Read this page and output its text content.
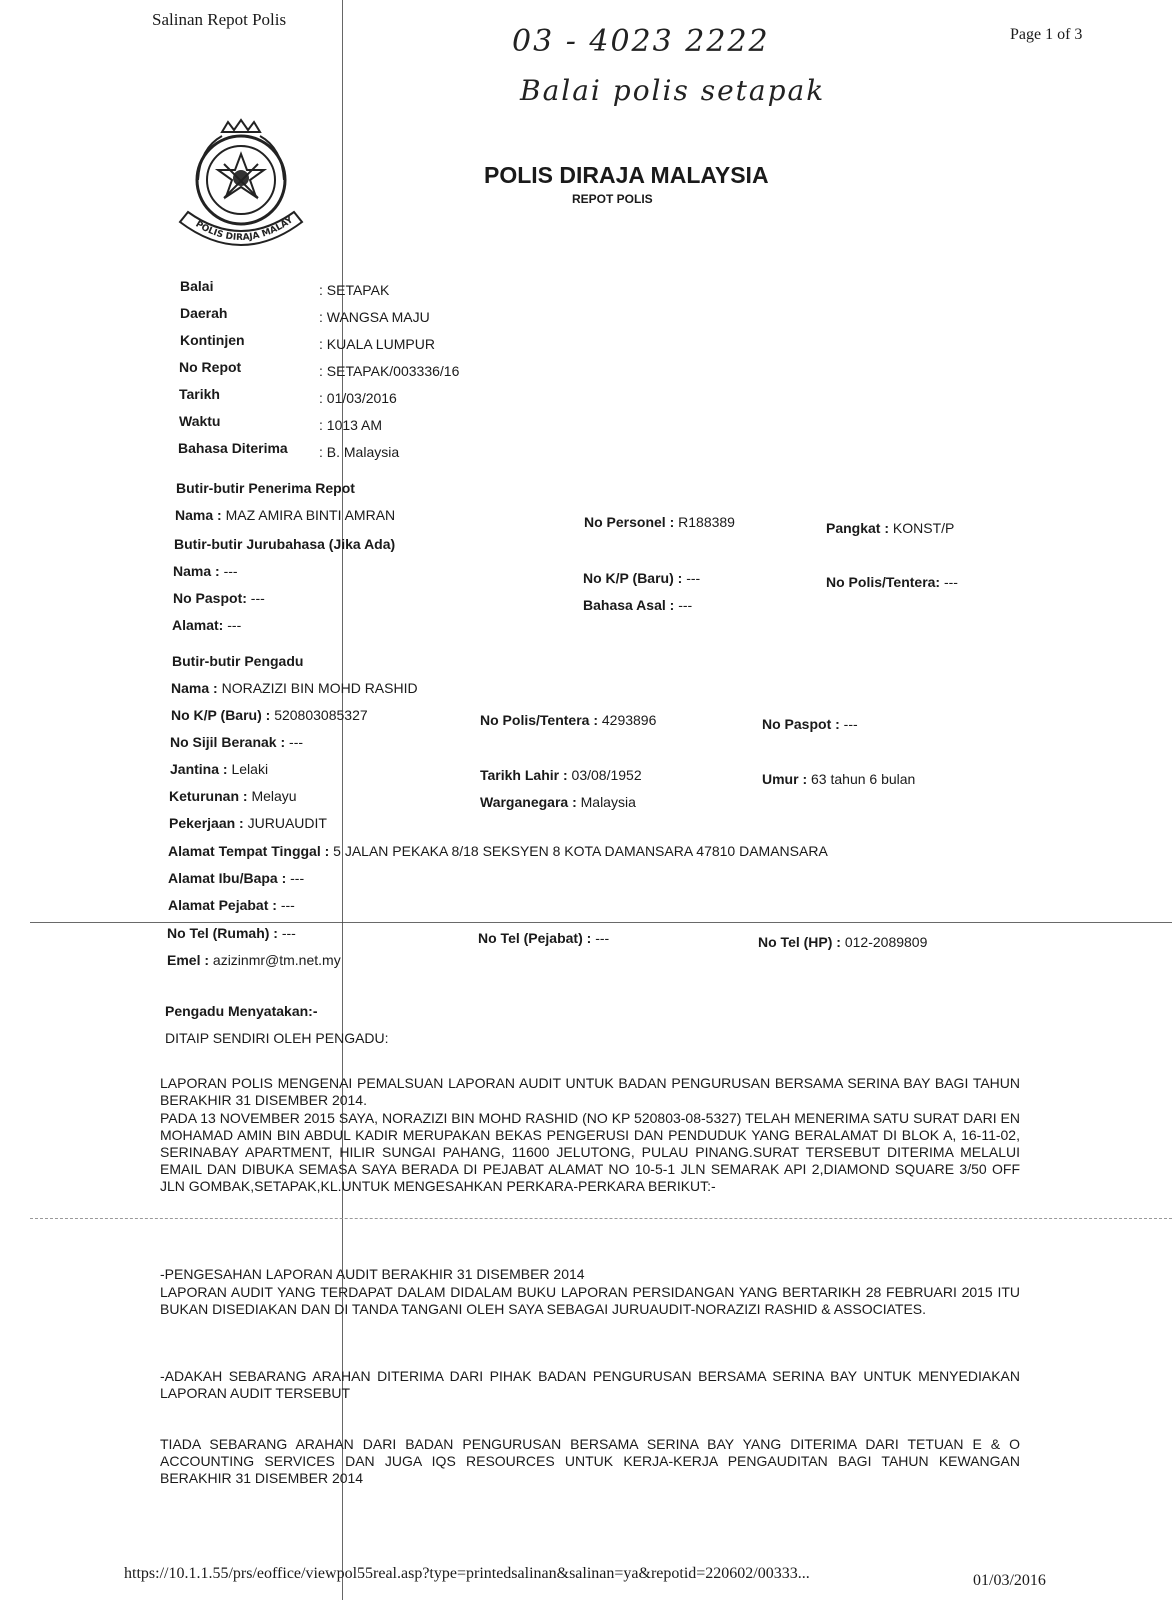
Salinan Repot Polis
Page 1 of 3
03 - 4023 2222
Balai polis setapak
POLIS DIRAJA MALAY
POLIS DIRAJA MALAYSIA
REPOT POLIS
Balai	: SETAPAK
Daerah	: WANGSA MAJU
Kontinjen	: KUALA LUMPUR
No Repot	: SETAPAK/003336/16
Tarikh	: 01/03/2016
Waktu	: 1013 AM
Bahasa Diterima : B. Malaysia
Butir-butir Penerima Repot
Nama : MAZ AMIRA BINTI AMRAN	No Personel : R188389	Pangkat : KONST/P
Butir-butir Jurubahasa (Jika Ada)
Nama : ---	No K/P (Baru) : ---	No Polis/Tentera: ---
No Paspot: ---	Bahasa Asal : ---
Alamat: ---
Butir-butir Pengadu
Nama : NORAZIZI BIN MOHD RASHID
No K/P (Baru) : 520803085327	No Polis/Tentera : 4293896	No Paspot : ---
No Sijil Beranak : ---
Jantina : Lelaki	Tarikh Lahir : 03/08/1952	Umur : 63 tahun 6 bulan
Keturunan : Melayu	Warganegara : Malaysia
Pekerjaan : JURUAUDIT
Alamat Tempat Tinggal : 5 JALAN PEKAKA 8/18 SEKSYEN 8 KOTA DAMANSARA 47810 DAMANSARA
Alamat Ibu/Bapa : ---
Alamat Pejabat : ---
No Tel (Rumah) : ---	No Tel (Pejabat) : ---	No Tel (HP) : 012-2089809
Emel : azizinmr@tm.net.my
Pengadu Menyatakan:-
DITAIP SENDIRI OLEH PENGADU:
LAPORAN POLIS MENGENAI PEMALSUAN LAPORAN AUDIT UNTUK BADAN PENGURUSAN BERSAMA SERINA BAY BAGI TAHUN BERAKHIR 31 DISEMBER 2014.
PADA 13 NOVEMBER 2015 SAYA, NORAZIZI BIN MOHD RASHID (NO KP 520803-08-5327) TELAH MENERIMA SATU SURAT DARI EN MOHAMAD AMIN BIN ABDUL KADIR MERUPAKAN BEKAS PENGERUSI DAN PENDUDUK YANG BERALAMAT DI BLOK A, 16-11-02, SERINABAY APARTMENT, HILIR SUNGAI PAHANG, 11600 JELUTONG, PULAU PINANG.SURAT TERSEBUT DITERIMA MELALUI EMAIL DAN DIBUKA SEMASA SAYA BERADA DI PEJABAT ALAMAT NO 10-5-1 JLN SEMARAK API 2,DIAMOND SQUARE 3/50 OFF JLN GOMBAK,SETAPAK,KL.UNTUK MENGESAHKAN PERKARA-PERKARA BERIKUT:-
-PENGESAHAN LAPORAN AUDIT BERAKHIR 31 DISEMBER 2014
LAPORAN AUDIT YANG TERDAPAT DALAM DIDALAM BUKU LAPORAN PERSIDANGAN YANG BERTARIKH 28 FEBRUARI 2015 ITU BUKAN DISEDIAKAN DAN DI TANDA TANGANI OLEH SAYA SEBAGAI JURUAUDIT-NORAZIZI RASHID & ASSOCIATES.
-ADAKAH SEBARANG ARAHAN DITERIMA DARI PIHAK BADAN PENGURUSAN BERSAMA SERINA BAY UNTUK MENYEDIAKAN LAPORAN AUDIT TERSEBUT
TIADA SEBARANG ARAHAN DARI BADAN PENGURUSAN BERSAMA SERINA BAY YANG DITERIMA DARI TETUAN E & O ACCOUNTING SERVICES DAN JUGA IQS RESOURCES UNTUK KERJA-KERJA PENGAUDITAN BAGI TAHUN KEWANGAN BERAKHIR 31 DISEMBER 2014
https://10.1.1.55/prs/eoffice/viewpol55real.asp?type=printedsalinan&salinan=ya&repotid=220602/00333...	01/03/2016
